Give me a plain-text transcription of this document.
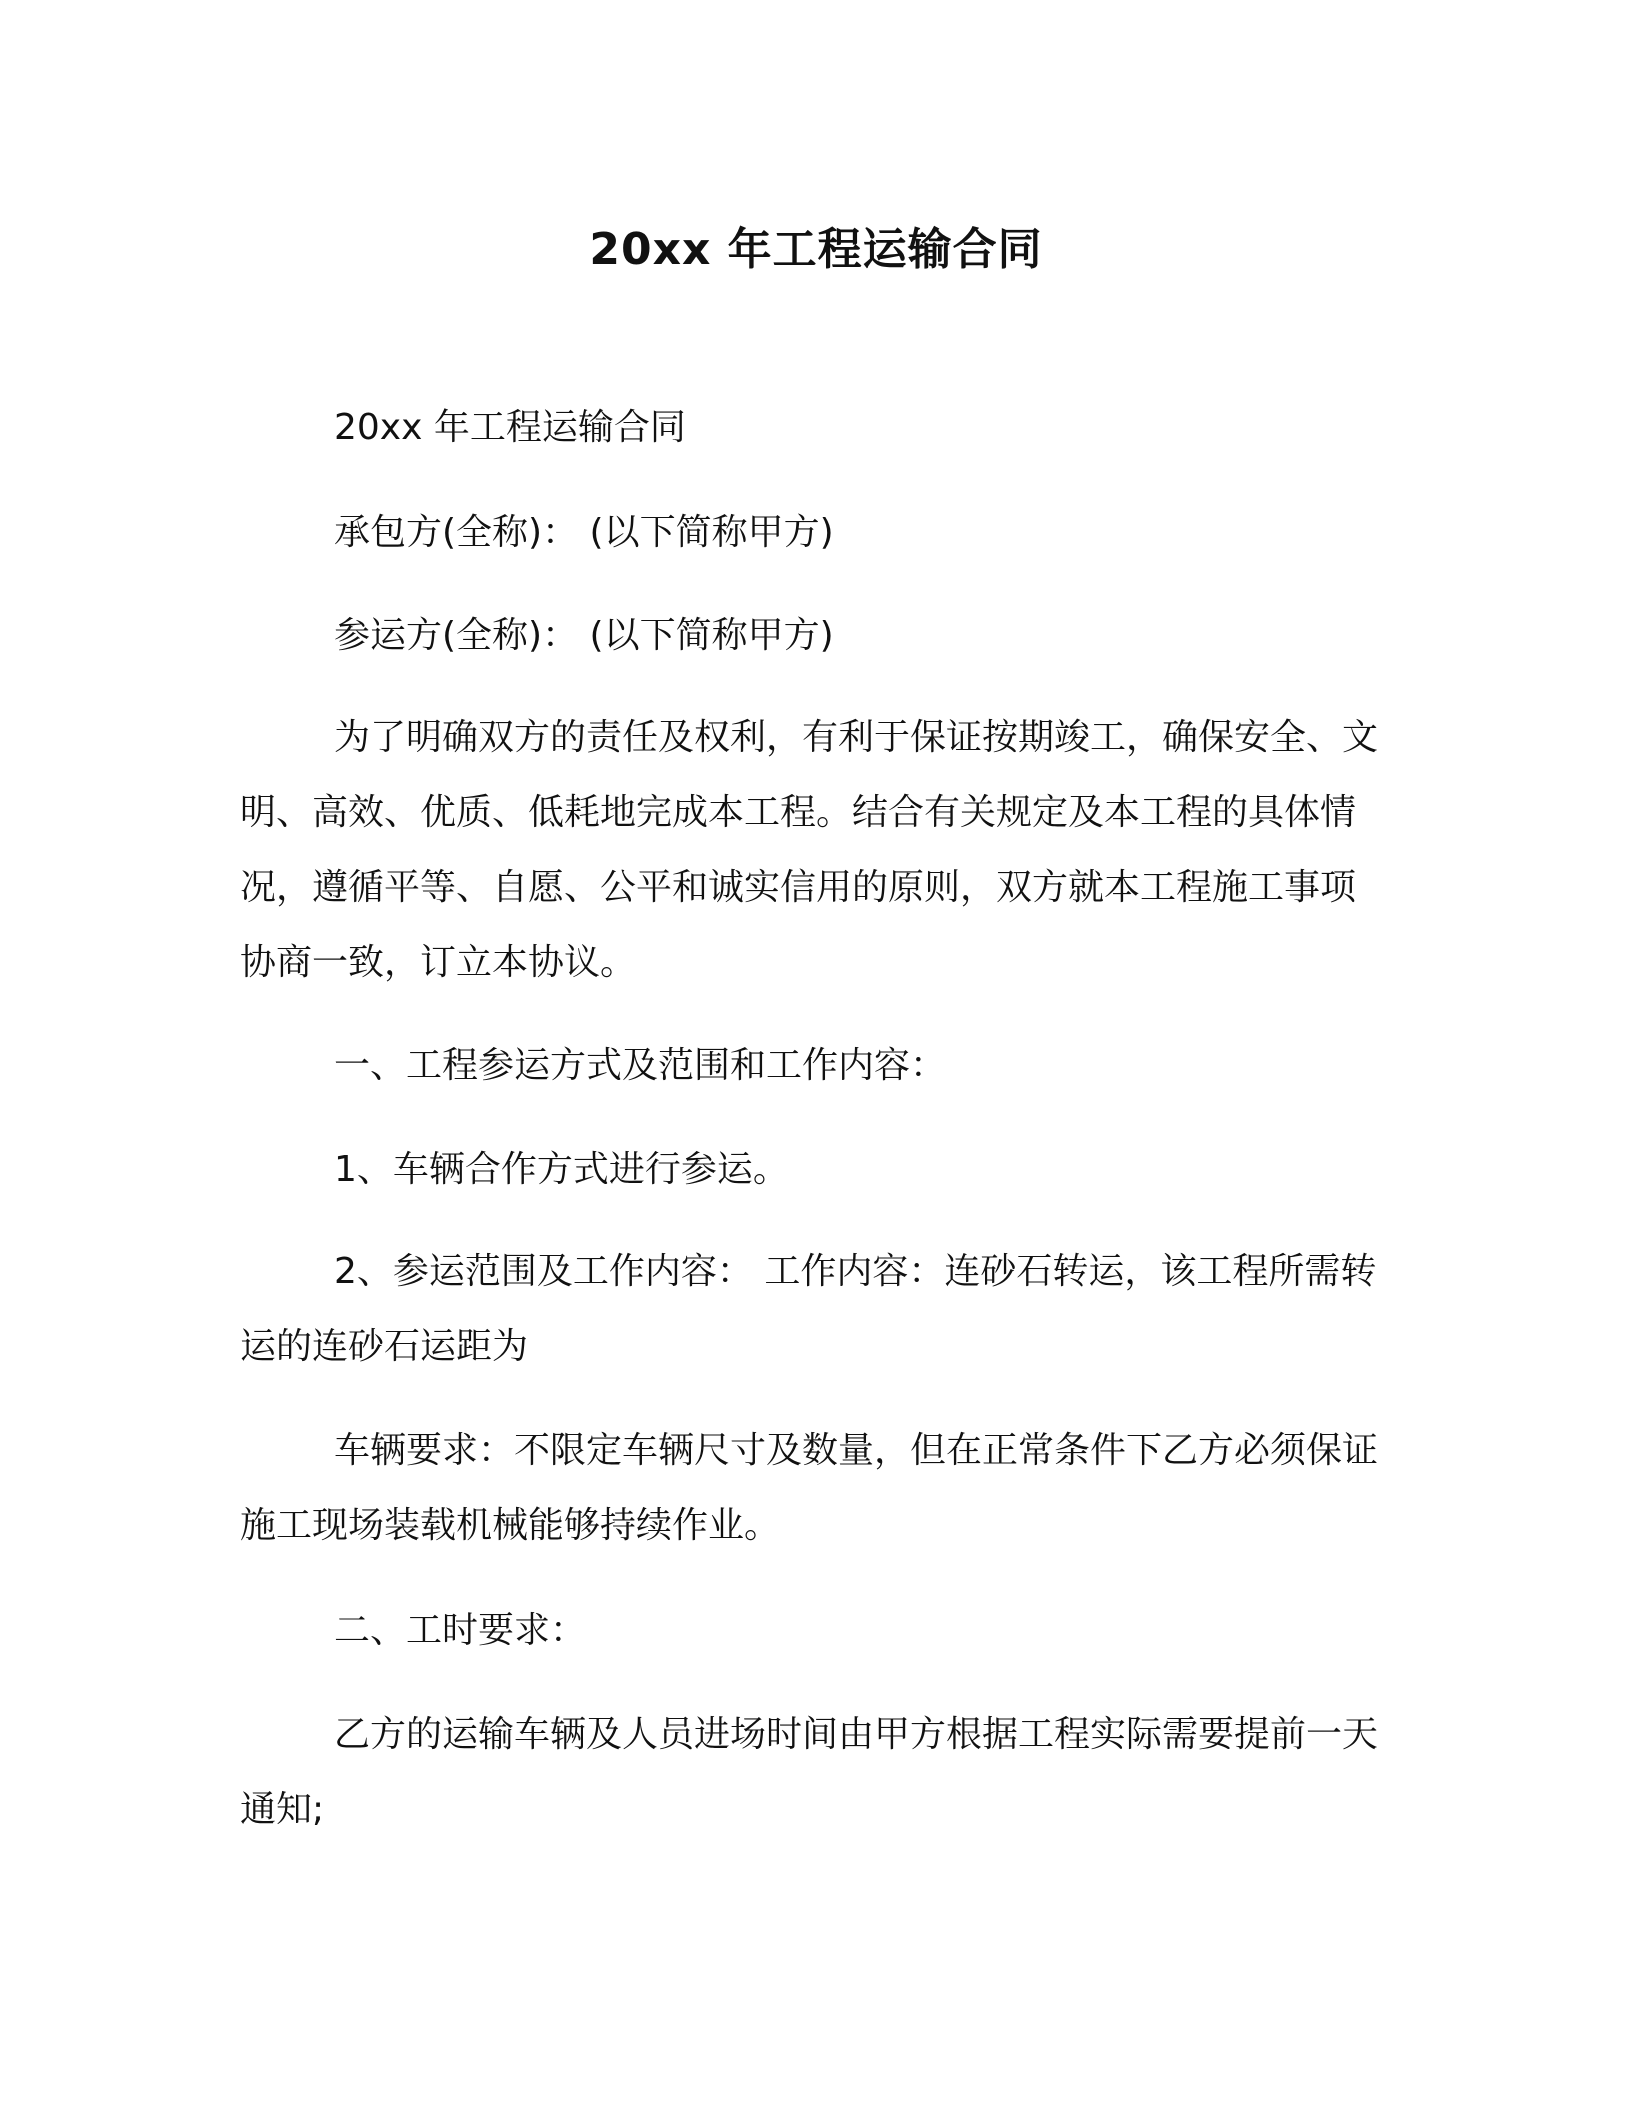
20xx 年工程运输合同

20xx 年工程运输合同

承包方(全称)： (以下简称甲方)

参运方(全称)： (以下简称甲方)

为了明确双方的责任及权利，有利于保证按期竣工，确保安全、文明、高效、优质、低耗地完成本工程。结合有关规定及本工程的具体情况，遵循平等、自愿、公平和诚实信用的原则，双方就本工程施工事项协商一致，订立本协议。

一、工程参运方式及范围和工作内容：

1、车辆合作方式进行参运。

2、参运范围及工作内容： 工作内容：连砂石转运，该工程所需转运的连砂石运距为

车辆要求：不限定车辆尺寸及数量，但在正常条件下乙方必须保证施工现场装载机械能够持续作业。

二、工时要求：

乙方的运输车辆及人员进场时间由甲方根据工程实际需要提前一天通知;
